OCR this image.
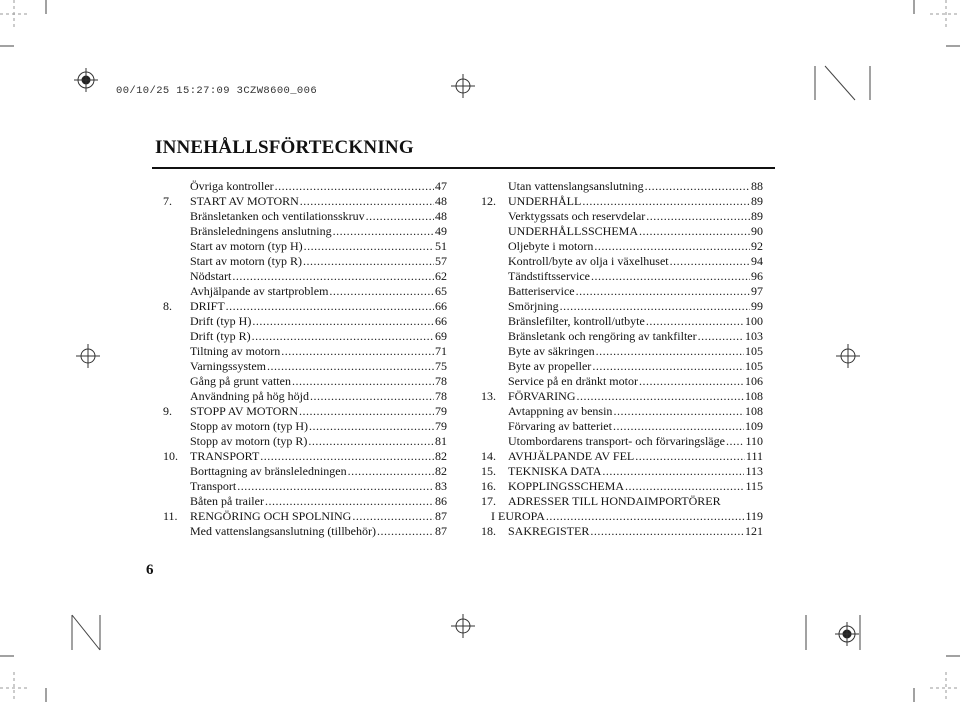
00/10/25 15:27:09 3CZW8600_006
INNEHÅLLSFÖRTECKNING
Övriga kontroller .....	47
7.	START AV MOTORN .....	48
Bränsletanken och ventilationsskruv .....	48
Bränsleledningens anslutning .....	49
Start av motorn (typ H) .....	51
Start av motorn (typ R) .....	57
Nödstart .....	62
Avhjälpande av startproblem .....	65
8.	DRIFT .....	66
Drift (typ H) .....	66
Drift (typ R) .....	69
Tiltning av motorn .....	71
Varningssystem .....	75
Gång på grunt vatten .....	78
Användning på hög höjd .....	78
9.	STOPP AV MOTORN .....	79
Stopp av motorn (typ H) .....	79
Stopp av motorn (typ R) .....	81
10.	TRANSPORT .....	82
Borttagning av bränsleledningen .....	82
Transport .....	83
Båten på trailer .....	86
11.	RENGÖRING OCH SPOLNING .....	87
Med vattenslangsanslutning (tillbehör) .....	87
Utan vattenslangsanslutning .....	88
12.	UNDERHÅLL .....	89
Verktygssats och reservdelar .....	89
UNDERHÅLLSSCHEMA .....	90
Oljebyte i motorn .....	92
Kontroll/byte av olja i växelhuset .....	94
Tändstiftsservice .....	96
Batteriservice .....	97
Smörjning .....	99
Bränslefilter, kontroll/utbyte .....	100
Bränsletank och rengöring av tankfilter .....	103
Byte av säkringen .....	105
Byte av propeller .....	105
Service på en dränkt motor .....	106
13.	FÖRVARING .....	108
Avtappning av bensin .....	108
Förvaring av batteriet .....	109
Utombordarens transport- och förvaringsläge ..... 110
14.	AVHJÄLPANDE AV FEL .....	111
15.	TEKNISKA DATA .....	113
16.	KOPPLINGSSCHEMA .....	115
17.	ADRESSER TILL HONDAIMPORTÖRER
I EUROPA .....	119
18.	SAKREGISTER .....	121
6
